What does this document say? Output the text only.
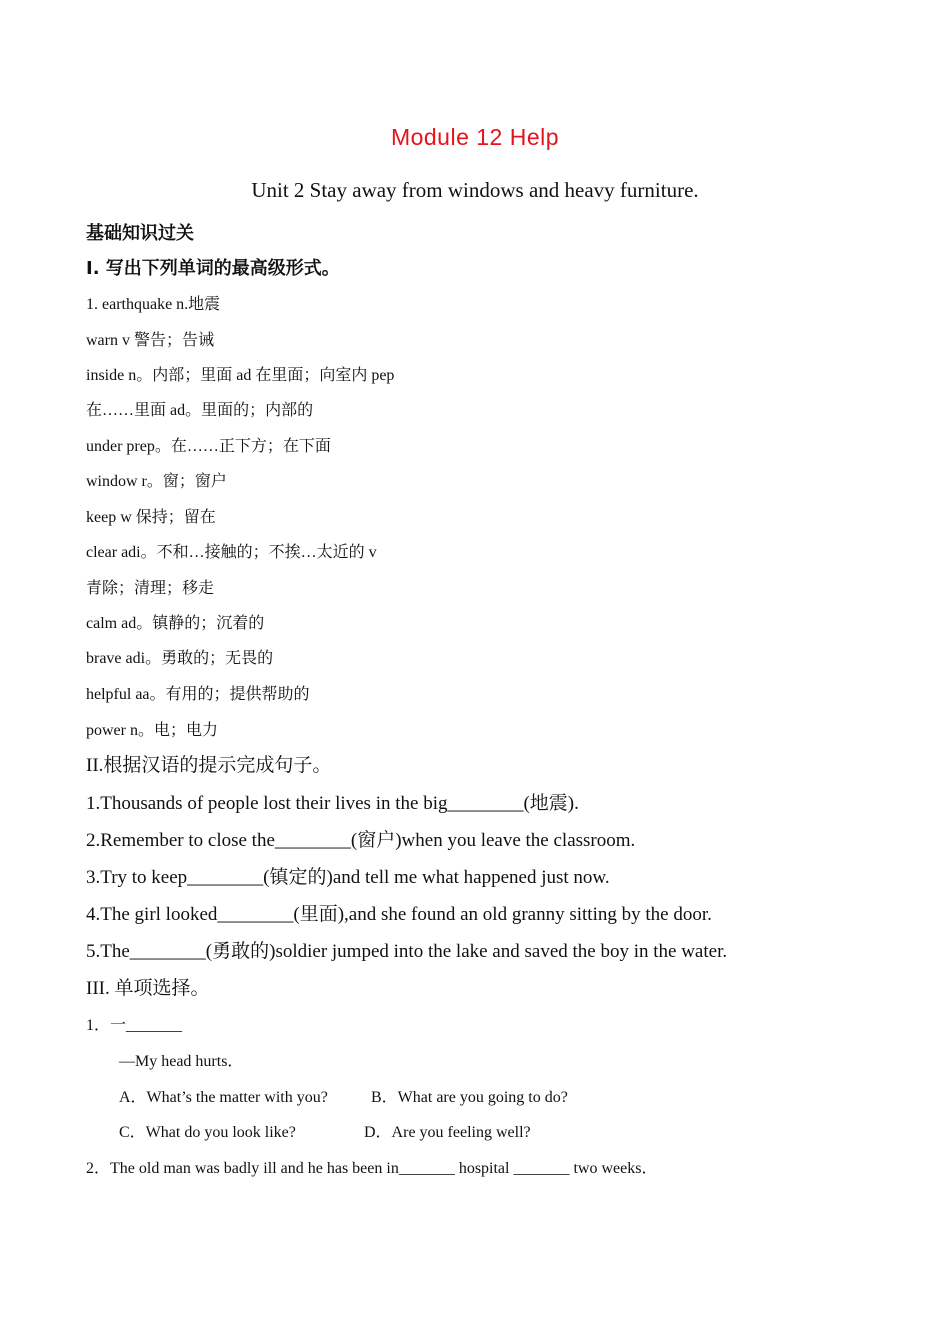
Module 12 Help
Unit 2 Stay away from windows and heavy furniture.
基础知识过关
I. 写出下列单词的最高级形式。
1. earthquake n.地震
warn v 警告；告诫
inside n。内部；里面 ad 在里面；向室内 pep
在……里面 ad。里面的；内部的
under prep。在……正下方；在下面
window r。窗；窗户
keep w 保持；留在
clear adi。不和…接触的；不挨…太近的 v
青除；清理；移走
calm ad。镇静的；沉着的
brave adi。勇敢的；无畏的
helpful aa。有用的；提供帮助的
power n。电；电力
II.根据汉语的提示完成句子。
1.Thousands of people lost their lives in the big________(地震).
2.Remember to close the________(窗户)when you leave the classroom.
3.Try to keep________(镇定的)and tell me what happened just now.
4.The girl looked________(里面),and she found an old granny sitting by the door.
5.The________(勇敢的)soldier jumped into the lake and saved the boy in the water.
III. 单项选择。
1．一_______
—My head hurts．
A．What’s the matter with you?	B．What are you going to do?
C．What do you look like?	D．Are you feeling well?
2．The old man was badly ill and he has been in_______ hospital _______ two weeks．
